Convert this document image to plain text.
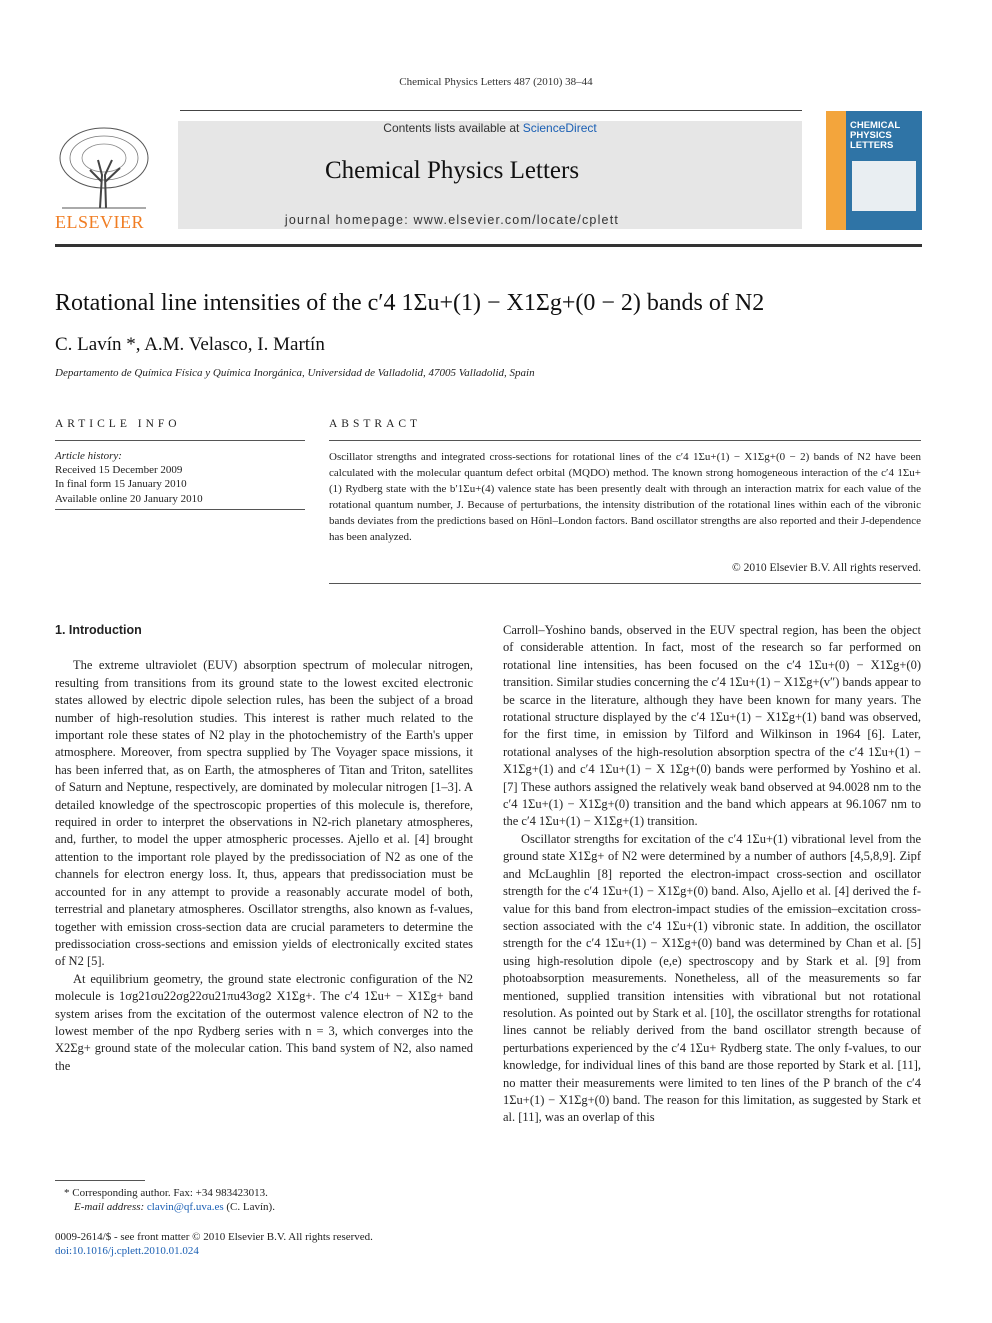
Chemical Physics Letters 487 (2010) 38–44
ELSEVIER
Contents lists available at ScienceDirect
Chemical Physics Letters
journal homepage: www.elsevier.com/locate/cplett
CHEMICAL PHYSICS LETTERS
Rotational line intensities of the c′4 1Σu+(1) − X1Σg+(0 − 2) bands of N2
C. Lavín *, A.M. Velasco, I. Martín
Departamento de Química Física y Química Inorgánica, Universidad de Valladolid, 47005 Valladolid, Spain
ARTICLE INFO
Article history:
Received 15 December 2009
In final form 15 January 2010
Available online 20 January 2010
ABSTRACT
Oscillator strengths and integrated cross-sections for rotational lines of the c′4 1Σu+(1) − X1Σg+(0 − 2) bands of N2 have been calculated with the molecular quantum defect orbital (MQDO) method. The known strong homogeneous interaction of the c′4 1Σu+(1) Rydberg state with the b′1Σu+(4) valence state has been presently dealt with through an interaction matrix for each value of the rotational quantum number, J. Because of perturbations, the intensity distribution of the rotational lines within each of the vibronic bands deviates from the predictions based on Hönl–London factors. Band oscillator strengths are also reported and their J-dependence has been analyzed.
© 2010 Elsevier B.V. All rights reserved.

1. Introduction

The extreme ultraviolet (EUV) absorption spectrum of molecular nitrogen, resulting from transitions from its ground state to the lowest excited electronic states allowed by electric dipole selection rules, has been the subject of a broad number of high-resolution studies. This interest is rather much related to the important role these states of N2 play in the photochemistry of the Earth's upper atmosphere. Moreover, from spectra supplied by The Voyager space missions, it has been inferred that, as on Earth, the atmospheres of Titan and Triton, satellites of Saturn and Neptune, respectively, are dominated by molecular nitrogen [1–3]. A detailed knowledge of the spectroscopic properties of this molecule is, therefore, required in order to interpret the observations in N2-rich planetary atmospheres, and, further, to model the upper atmospheric processes. Ajello et al. [4] brought attention to the important role played by the predissociation of N2 as one of the channels for electron energy loss. It, thus, appears that predissociation must be accounted for in any attempt to provide a reasonably accurate model of both, terrestrial and planetary atmospheres. Oscillator strengths, also known as f-values, together with emission cross-section data are crucial parameters to determine the predissociation cross-sections and emission yields of electronically excited states of N2 [5].

At equilibrium geometry, the ground state electronic configuration of the N2 molecule is 1σg21σu22σg22σu21πu43σg2 X1Σg+. The c′4 1Σu+ − X1Σg+ band system arises from the excitation of the outermost valence electron of N2 to the lowest member of the npσ Rydberg series with n = 3, which converges into the X2Σg+ ground state of the molecular cation. This band system of N2, also named the

Carroll–Yoshino bands, observed in the EUV spectral region, has been the object of considerable attention. In fact, most of the research so far performed on rotational line intensities, has been focused on the c′4 1Σu+(0) − X1Σg+(0) transition. Similar studies concerning the c′4 1Σu+(1) − X1Σg+(v″) bands appear to be scarce in the literature, although they have been known for many years. The rotational structure displayed by the c′4 1Σu+(1) − X1Σg+(1) band was observed, for the first time, in emission by Tilford and Wilkinson in 1964 [6]. Later, rotational analyses of the high-resolution absorption spectra of the c′4 1Σu+(1) − X1Σg+(1) and c′4 1Σu+(1) − X 1Σg+(0) bands were performed by Yoshino et al. [7] These authors assigned the relatively weak band observed at 94.0028 nm to the c′4 1Σu+(1) − X1Σg+(0) transition and the band which appears at 96.1067 nm to the c′4 1Σu+(1) − X1Σg+(1) transition.

Oscillator strengths for excitation of the c′4 1Σu+(1) vibrational level from the ground state X1Σg+ of N2 were determined by a number of authors [4,5,8,9]. Zipf and McLaughlin [8] reported the electron-impact cross-section and oscillator strength for the c′4 1Σu+(1) − X1Σg+(0) band. Also, Ajello et al. [4] derived the f-value for this band from electron-impact studies of the emission–excitation cross-section associated with the c′4 1Σu+(1) vibronic state. In addition, the oscillator strength for the c′4 1Σu+(1) − X1Σg+(0) band was determined by Chan et al. [5] using high-resolution dipole (e,e) spectroscopy and by Stark et al. [9] from photoabsorption measurements. Nonetheless, all of the measurements so far mentioned, supplied transition intensities with vibrational but not rotational resolution. As pointed out by Stark et al. [10], the oscillator strengths for rotational lines cannot be reliably derived from the band oscillator strength because of perturbations experienced by the c′4 1Σu+ Rydberg state. The only f-values, to our knowledge, for individual lines of this band are those reported by Stark et al. [11], no matter their measurements were limited to ten lines of the P branch of the c′4 1Σu+(1) − X1Σg+(0) band. The reason for this limitation, as suggested by Stark et al. [11], was an overlap of this

* Corresponding author. Fax: +34 983423013.
E-mail address: clavin@qf.uva.es (C. Lavín).
0009-2614/$ - see front matter © 2010 Elsevier B.V. All rights reserved.
doi:10.1016/j.cplett.2010.01.024
